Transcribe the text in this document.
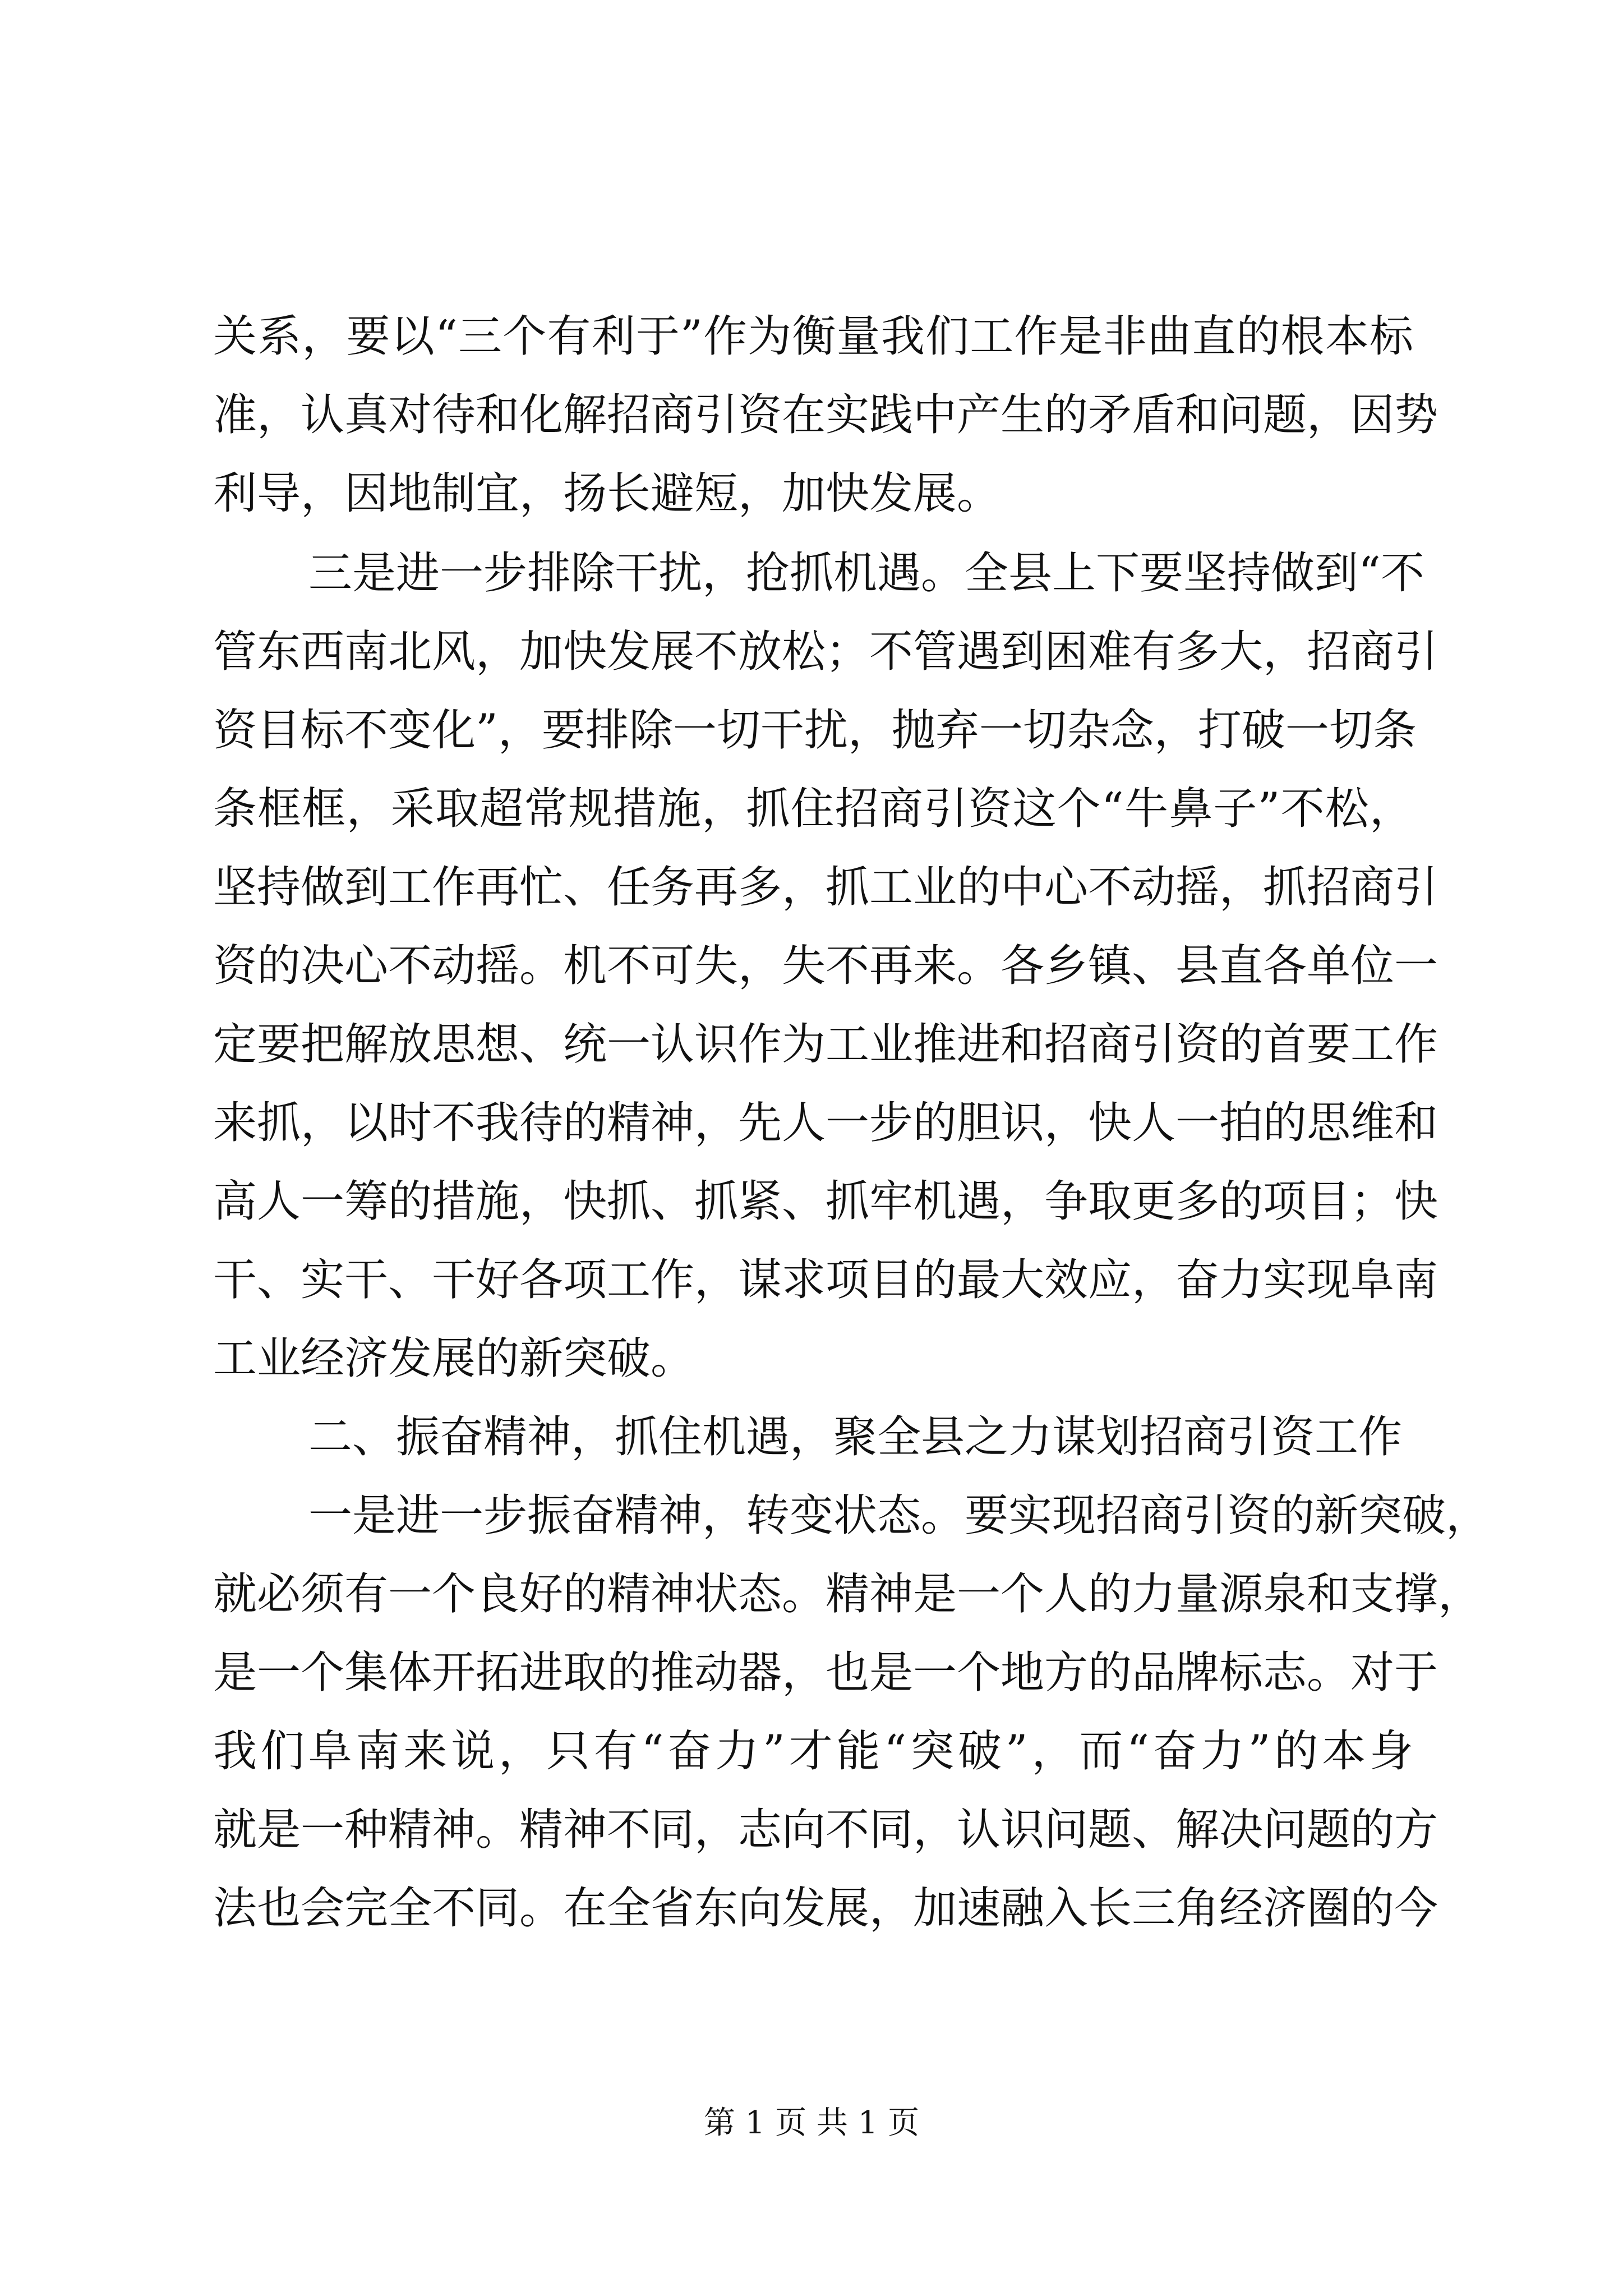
关系，要以“三个有利于”作为衡量我们工作是非曲直的根本标
准，认真对待和化解招商引资在实践中产生的矛盾和问题，因势
利导，因地制宜，扬长避短，加快发展。
三是进一步排除干扰，抢抓机遇。全县上下要坚持做到“不
管东西南北风，加快发展不放松；不管遇到困难有多大，招商引
资目标不变化”，要排除一切干扰，抛弃一切杂念，打破一切条
条框框，采取超常规措施，抓住招商引资这个“牛鼻子”不松，
坚持做到工作再忙、任务再多，抓工业的中心不动摇，抓招商引
资的决心不动摇。机不可失，失不再来。各乡镇、县直各单位一
定要把解放思想、统一认识作为工业推进和招商引资的首要工作
来抓，以时不我待的精神，先人一步的胆识，快人一拍的思维和
高人一筹的措施，快抓、抓紧、抓牢机遇，争取更多的项目；快
干、实干、干好各项工作，谋求项目的最大效应，奋力实现阜南
工业经济发展的新突破。
二、振奋精神，抓住机遇，聚全县之力谋划招商引资工作
一是进一步振奋精神，转变状态。要实现招商引资的新突破，
就必须有一个良好的精神状态。精神是一个人的力量源泉和支撑，
是一个集体开拓进取的推动器，也是一个地方的品牌标志。对于
我们阜南来说，只有“奋力”才能“突破”，而“奋力”的本身
就是一种精神。精神不同，志向不同，认识问题、解决问题的方
法也会完全不同。在全省东向发展，加速融入长三角经济圈的今
第 1 页 共 1 页
